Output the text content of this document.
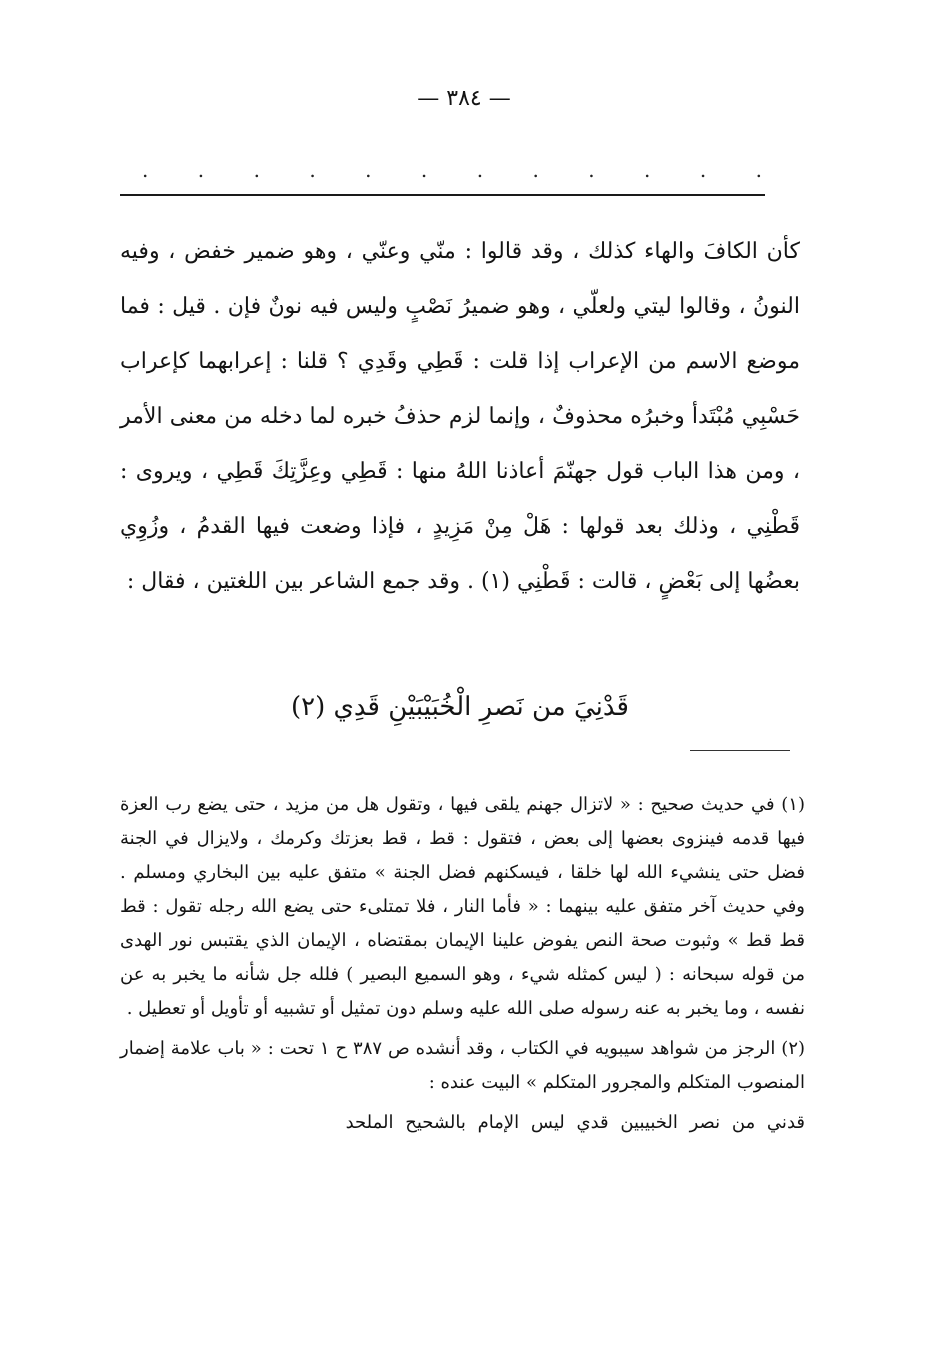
— ٣٨٤ —
. . . . . . . . . . . .

كأن الكافَ والهاء كذلك ، وقد قالوا : منّي وعنّي ، وهو ضمير خفض ، وفيه النونُ ، وقالوا ليتي ولعلّي ، وهو ضميرُ نَصْبٍ وليس فيه نونٌ فإن . قيل : فما موضع الاسم من الإعراب إذا قلت : قَطِي وقَدِي ؟ قلنا : إعرابهما كإعراب حَسْبِي مُبْتَدأ وخبرُه محذوفٌ ، وإنما لزم حذفُ خبره لما دخله من معنى الأمر ، ومن هذا الباب قول جهنّمَ أعاذنا اللهُ منها : قَطِي وعِزَّتِكَ قَطِي ، ويروى : قَطْنِي ، وذلك بعد قولها : هَلْ مِنْ مَزِيدٍ ، فإذا وضعت فيها القدمُ ، وزُوِي بعضُها إلى بَعْضٍ ، قالت : قَطْنِي (١) . وقد جمع الشاعر بين اللغتين ، فقال :

قَدْنِيَ من نَصرِ الْخُبَيْبَيْنِ قَدِي (٢)

(١) في حديث صحيح : « لاتزال جهنم يلقى فيها ، وتقول هل من مزيد ، حتى يضع رب العزة فيها قدمه فينزوى بعضها إلى بعض ، فتقول : قط ، قط بعزتك وكرمك ، ولايزال في الجنة فضل حتى ينشيء الله لها خلقا ، فيسكنهم فضل الجنة » متفق عليه بين البخاري ومسلم . وفي حديث آخر متفق عليه بينهما : « فأما النار ، فلا تمتلىء حتى يضع الله رجله تقول : قط قط قط » وثبوت صحة النص يفوض علينا الإيمان بمقتضاه ، الإيمان الذي يقتبس نور الهدى من قوله سبحانه : ( ليس كمثله شيء ، وهو السميع البصير ) فلله جل شأنه ما يخبر به عن نفسه ، وما يخبر به عنه رسوله صلى الله عليه وسلم دون تمثيل أو تشبيه أو تأويل أو تعطيل .

(٢) الرجز من شواهد سيبويه في الكتاب ، وقد أنشده ص ٣٨٧ ح ١ تحت : « باب علامة إضمار المنصوب المتكلم والمجرور المتكلم » البيت عنده :

قدني من نصر الخبيبين قدي ليس الإمام بالشحيح الملحد
